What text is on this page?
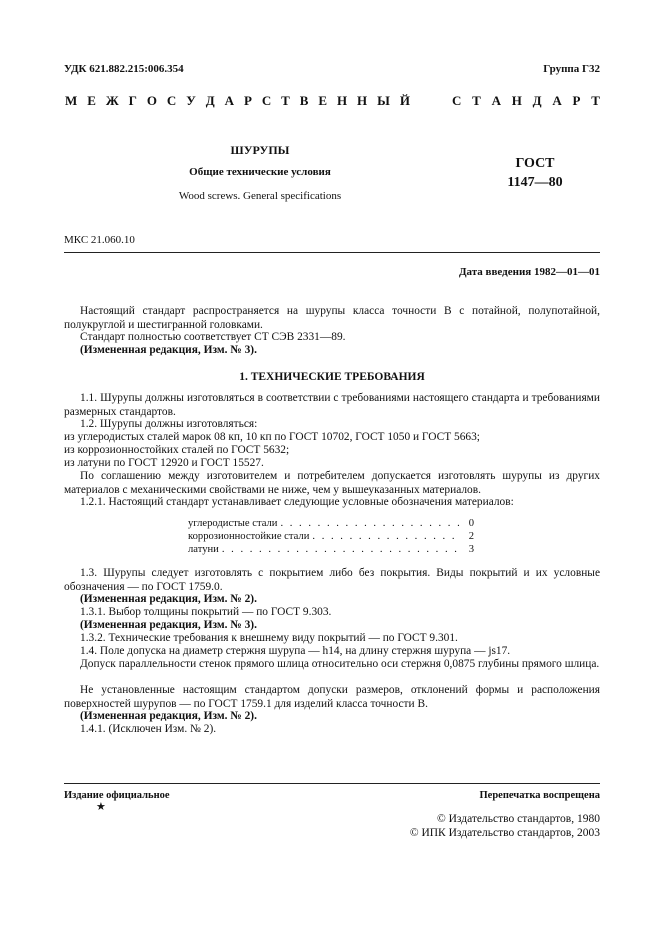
УДК 621.882.215:006.354	Группа Г32
М Е Ж Г О С У Д А Р С Т В Е Н Н Ы Й	С Т А Н Д А Р Т
ШУРУПЫ
Общие технические условия
Wood screws. General specifications
ГОСТ
1147—80
МКС 21.060.10
Дата введения 1982—01—01
Настоящий стандарт распространяется на шурупы класса точности В с потайной, полупотайной, полукруглой и шестигранной головками.
Стандарт полностью соответствует СТ СЭВ 2331—89.
(Измененная редакция, Изм. № 3).
1. ТЕХНИЧЕСКИЕ ТРЕБОВАНИЯ
1.1. Шурупы должны изготовляться в соответствии с требованиями настоящего стандарта и требованиями размерных стандартов.
1.2. Шурупы должны изготовляться:
из углеродистых сталей марок 08 кп, 10 кп по ГОСТ 10702, ГОСТ 1050 и ГОСТ 5663;
из коррозионностойких сталей по ГОСТ 5632;
из латуни по ГОСТ 12920 и ГОСТ 15527.
По соглашению между изготовителем и потребителем допускается изготовлять шурупы из других материалов с механическими свойствами не ниже, чем у вышеуказанных материалов.
1.2.1. Настоящий стандарт устанавливает следующие условные обозначения материалов:
углеродистые стали . . .	0
коррозионностойкие стали . . .	2
латуни . . .	3
1.3. Шурупы следует изготовлять с покрытием либо без покрытия. Виды покрытий и их условные обозначения — по ГОСТ 1759.0.
(Измененная редакция, Изм. № 2).
1.3.1. Выбор толщины покрытий — по ГОСТ 9.303.
(Измененная редакция, Изм. № 3).
1.3.2. Технические требования к внешнему виду покрытий — по ГОСТ 9.301.
1.4. Поле допуска на диаметр стержня шурупа — h14, на длину стержня шурупа — js17.
Допуск параллельности стенок прямого шлица относительно оси стержня 0,0875 глубины прямого шлица.
Не установленные настоящим стандартом допуски размеров, отклонений формы и расположения поверхностей шурупов — по ГОСТ 1759.1 для изделий класса точности В.
(Измененная редакция, Изм. № 2).
1.4.1. (Исключен Изм. № 2).
Издание официальное
★
Перепечатка воспрещена
© Издательство стандартов, 1980
© ИПК Издательство стандартов, 2003
